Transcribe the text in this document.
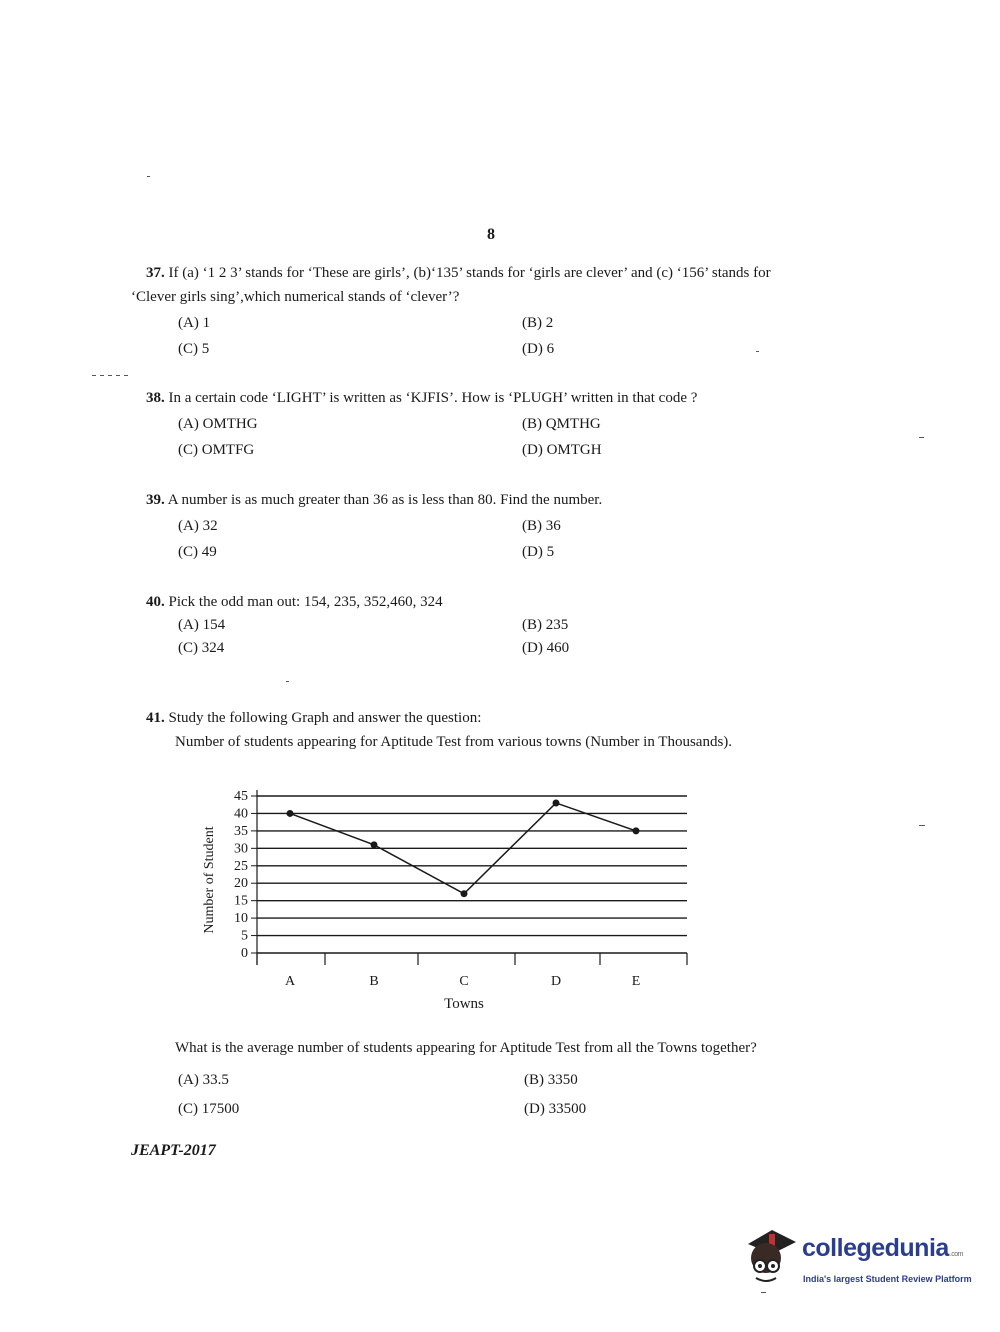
8
37. If (a) ‘1 2 3’ stands for ‘These are girls’, (b)‘135’ stands for ‘girls are clever’ and (c) ‘156’ stands for
‘Clever girls sing’,which numerical stands of ‘clever’?
(A) 1	(B) 2
(C) 5	(D) 6
38. In a certain code ‘LIGHT’ is written as ‘KJFIS’. How is ‘PLUGH’ written in that code ?
(A) OMTHG	(B) QMTHG
(C) OMTFG	(D) OMTGH
39. A number is as much greater than 36 as is less than 80. Find the number.
(A) 32	(B) 36
(C) 49	(D) 5
40. Pick the odd man out: 154, 235, 352,460, 324
(A) 154	(B) 235
(C) 324	(D) 460
41. Study the following Graph and answer the question:
Number of students appearing for Aptitude Test from various towns (Number in Thousands).
0
5
10
15
20
25
30
35
40
45
A	B	C	D	E
Number of Student
Towns
What is the average number of students appearing for Aptitude Test from all the Towns together?
(A) 33.5	(B) 3350
(C) 17500	(D) 33500
JEAPT-2017
collegedunia.com
India's largest Student Review Platform
